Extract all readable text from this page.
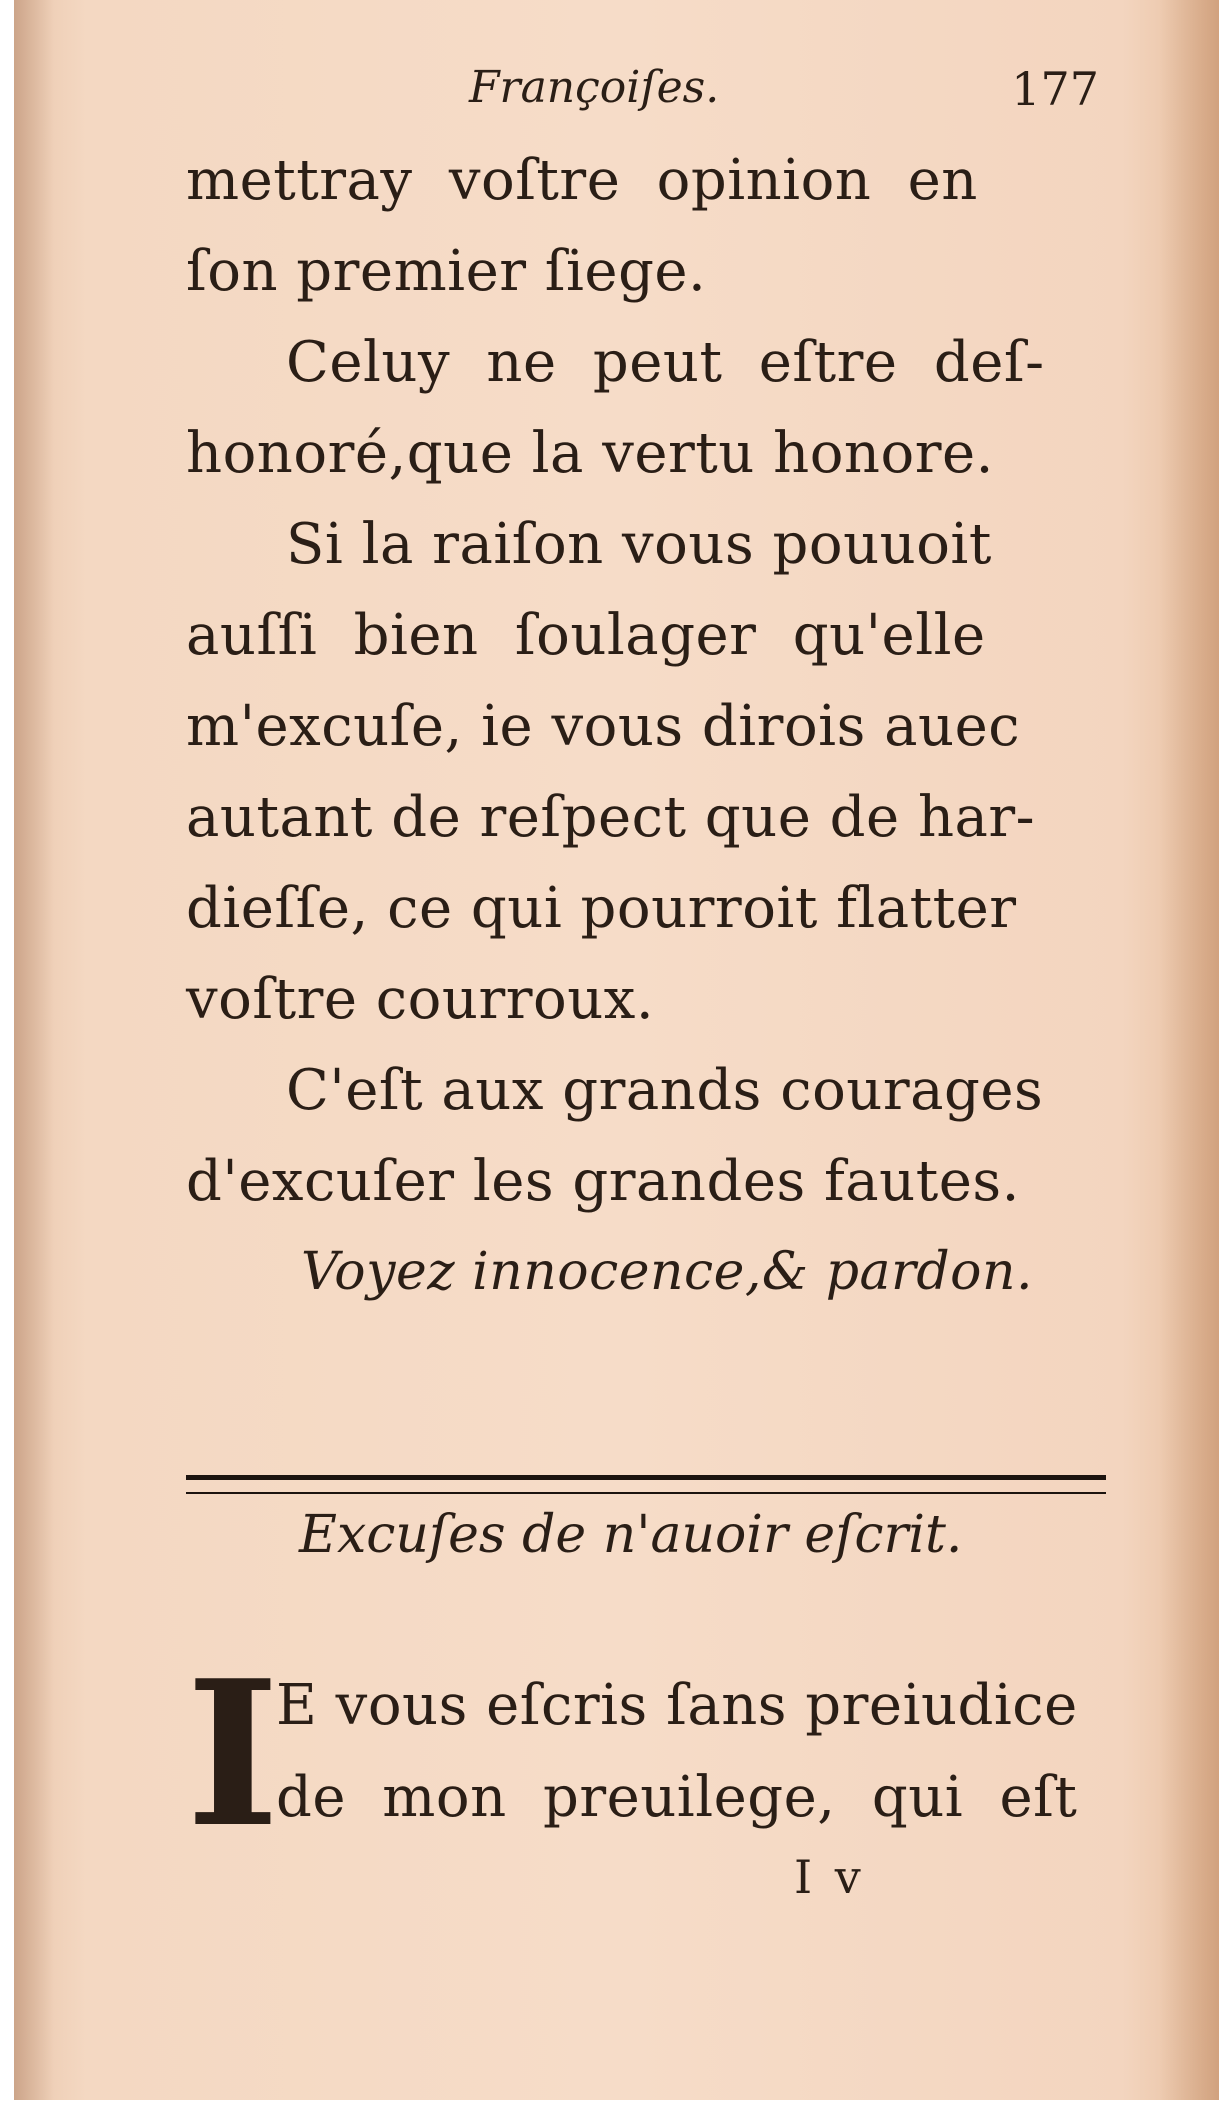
Françoiſes.	177
mettray voſtre opinion en
ſon premier ſiege.
Celuy ne peut eſtre deſ-
honoré,que la vertu honore.
Si la raiſon vous pouuoit
auſſi bien ſoulager qu'elle
m'excuſe, ie vous dirois auec
autant de reſpect que de har-
dieſſe, ce qui pourroit flatter
voſtre courroux.
C'eſt aux grands courages
d'excuſer les grandes fautes.
Voyez innocence,& pardon.
Excuſes de n'auoir eſcrit.
I
E vous eſcris ſans preiudice
de mon preuilege, qui eſt
I v
